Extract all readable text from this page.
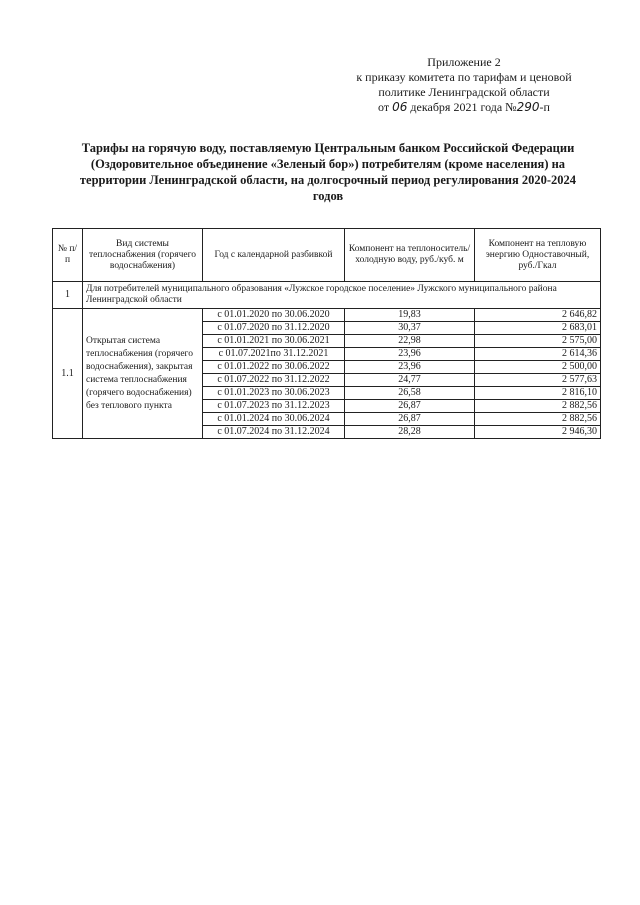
Приложение 2
к приказу комитета по тарифам и ценовой
политике Ленинградской области
от 06 декабря 2021 года №290-п
Тарифы на горячую воду, поставляемую Центральным банком Российской Федерации
(Оздоровительное объединение «Зеленый бор») потребителям (кроме населения) на
территории Ленинградской области, на долгосрочный период регулирования 2020-2024
годов
№ п/п	Вид системы теплоснабжения (горячего водоснабжения)	Год с календарной разбивкой	Компонент на теплоноситель/холодную воду, руб./куб. м	Компонент на тепловую энергию Одноставочный, руб./Гкал
1	Для потребителей муниципального образования «Лужское городское поселение» Лужского муниципального района Ленинградской области			
1.1	Открытая система теплоснабжения (горячего водоснабжения), закрытая система теплоснабжения (горячего водоснабжения) без теплового пункта	с 01.01.2020 по 30.06.2020	19,83	2 646,82
		с 01.07.2020 по 31.12.2020	30,37	2 683,01
		с 01.01.2021 по 30.06.2021	22,98	2 575,00
		с 01.07.2021по 31.12.2021	23,96	2 614,36
		с 01.01.2022 по 30.06.2022	23,96	2 500,00
		с 01.07.2022 по 31.12.2022	24,77	2 577,63
		с 01.01.2023 по 30.06.2023	26,58	2 816,10
		с 01.07.2023 по 31.12.2023	26,87	2 882,56
		с 01.01.2024 по 30.06.2024	26,87	2 882,56
		с 01.07.2024 по 31.12.2024	28,28	2 946,30
